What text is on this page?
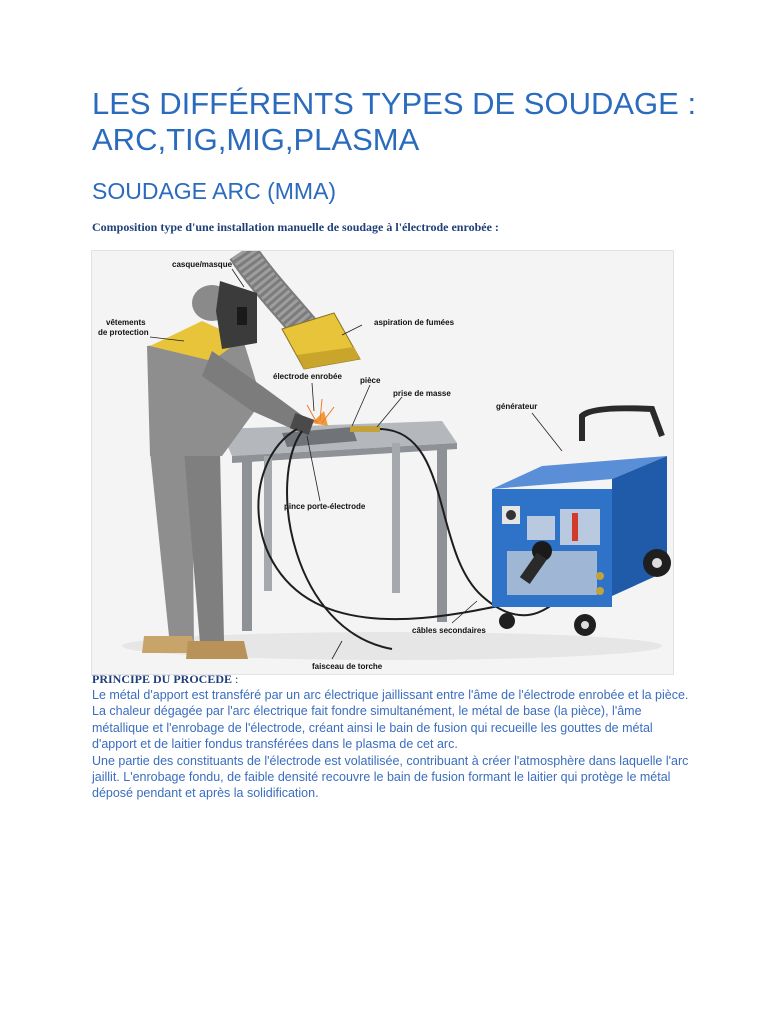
LES DIFFÉRENTS TYPES DE SOUDAGE : ARC,TIG,MIG,PLASMA
SOUDAGE ARC (MMA)
Composition type d'une installation manuelle de soudage à l'électrode enrobée :
casque/masque
vêtements
de protection
aspiration de fumées
électrode enrobée pièce
prise de masse
générateur
pince porte-électrode
câbles secondaires
faisceau de torche
PRINCIPE DU PROCEDE :

Le métal d'apport est transféré par un arc électrique jaillissant entre l'âme de l'électrode enrobée et la pièce.

La chaleur dégagée par l'arc électrique fait fondre simultanément, le métal de base (la pièce), l'âme métallique et l'enrobage de l'électrode, créant ainsi le bain de fusion qui recueille les gouttes de métal d'apport et de laitier fondus transférées dans le plasma de cet arc.

Une partie des constituants de l'électrode est volatilisée, contribuant à créer l'atmosphère dans laquelle l'arc jaillit. L'enrobage fondu, de faible densité recouvre le bain de fusion formant le laitier qui protège le métal déposé pendant et après la solidification.
